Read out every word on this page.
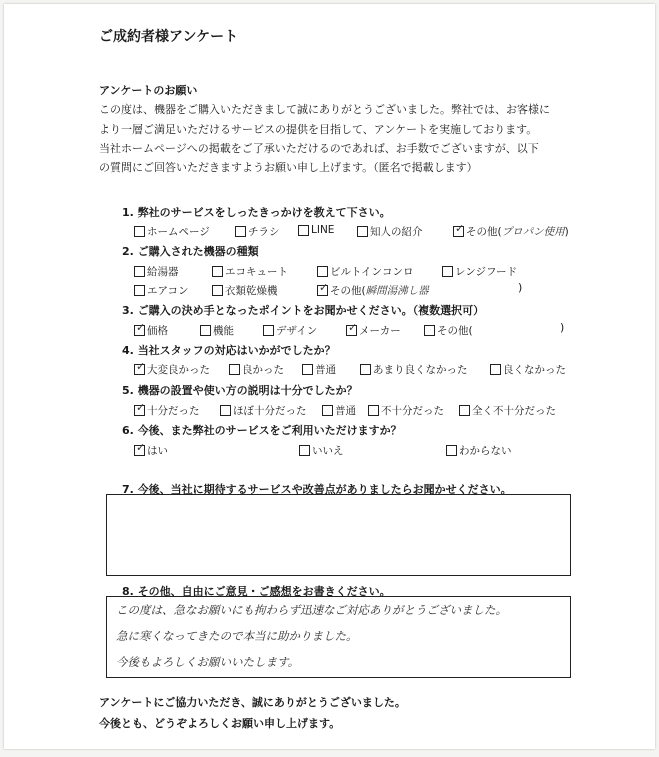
ご成約者様アンケート
アンケートのお願い
この度は、機器をご購入いただきまして誠にありがとうございました。弊社では、お客様に
より一層ご満足いただけるサービスの提供を目指して、アンケートを実施しております。
当社ホームページへの掲載をご了承いただけるのであれば、お手数でございますが、以下
の質問にご回答いただきますようお願い申し上げます。（匿名で掲載します）
1. 弊社のサービスをしったきっかけを教えて下さい。
ホームページ	チラシ	LINE	知人の紹介	✓ その他( プロパン使用 )
2. ご購入された機器の種類
給湯器	エコキュート	ビルトインコンロ	レンジフード
エアコン	衣類乾燥機	✓ その他( 瞬間湯沸し器	)
3. ご購入の決め手となったポイントをお聞かせください。（複数選択可）
✓ 価格	機能	デザイン	✓ メーカー	その他(	)
4. 当社スタッフの対応はいかがでしたか？
✓ 大変良かった	良かった	普通	あまり良くなかった	良くなかった
5. 機器の設置や使い方の説明は十分でしたか？
✓ 十分だった	ほぼ十分だった	普通 不十分だった	全く不十分だった
6. 今後、また弊社のサービスをご利用いただけますか？
✓ はい	いいえ	わからない
7. 今後、当社に期待するサービスや改善点がありましたらお聞かせください。
8. その他、自由にご意見・ご感想をお書きください。
この度は、急なお願いにも拘わらず迅速なご対応ありがとうございました。
急に寒くなってきたので本当に助かりました。
今後もよろしくお願いいたします。
アンケートにご協力いただき、誠にありがとうございました。
今後とも、どうぞよろしくお願い申し上げます。
